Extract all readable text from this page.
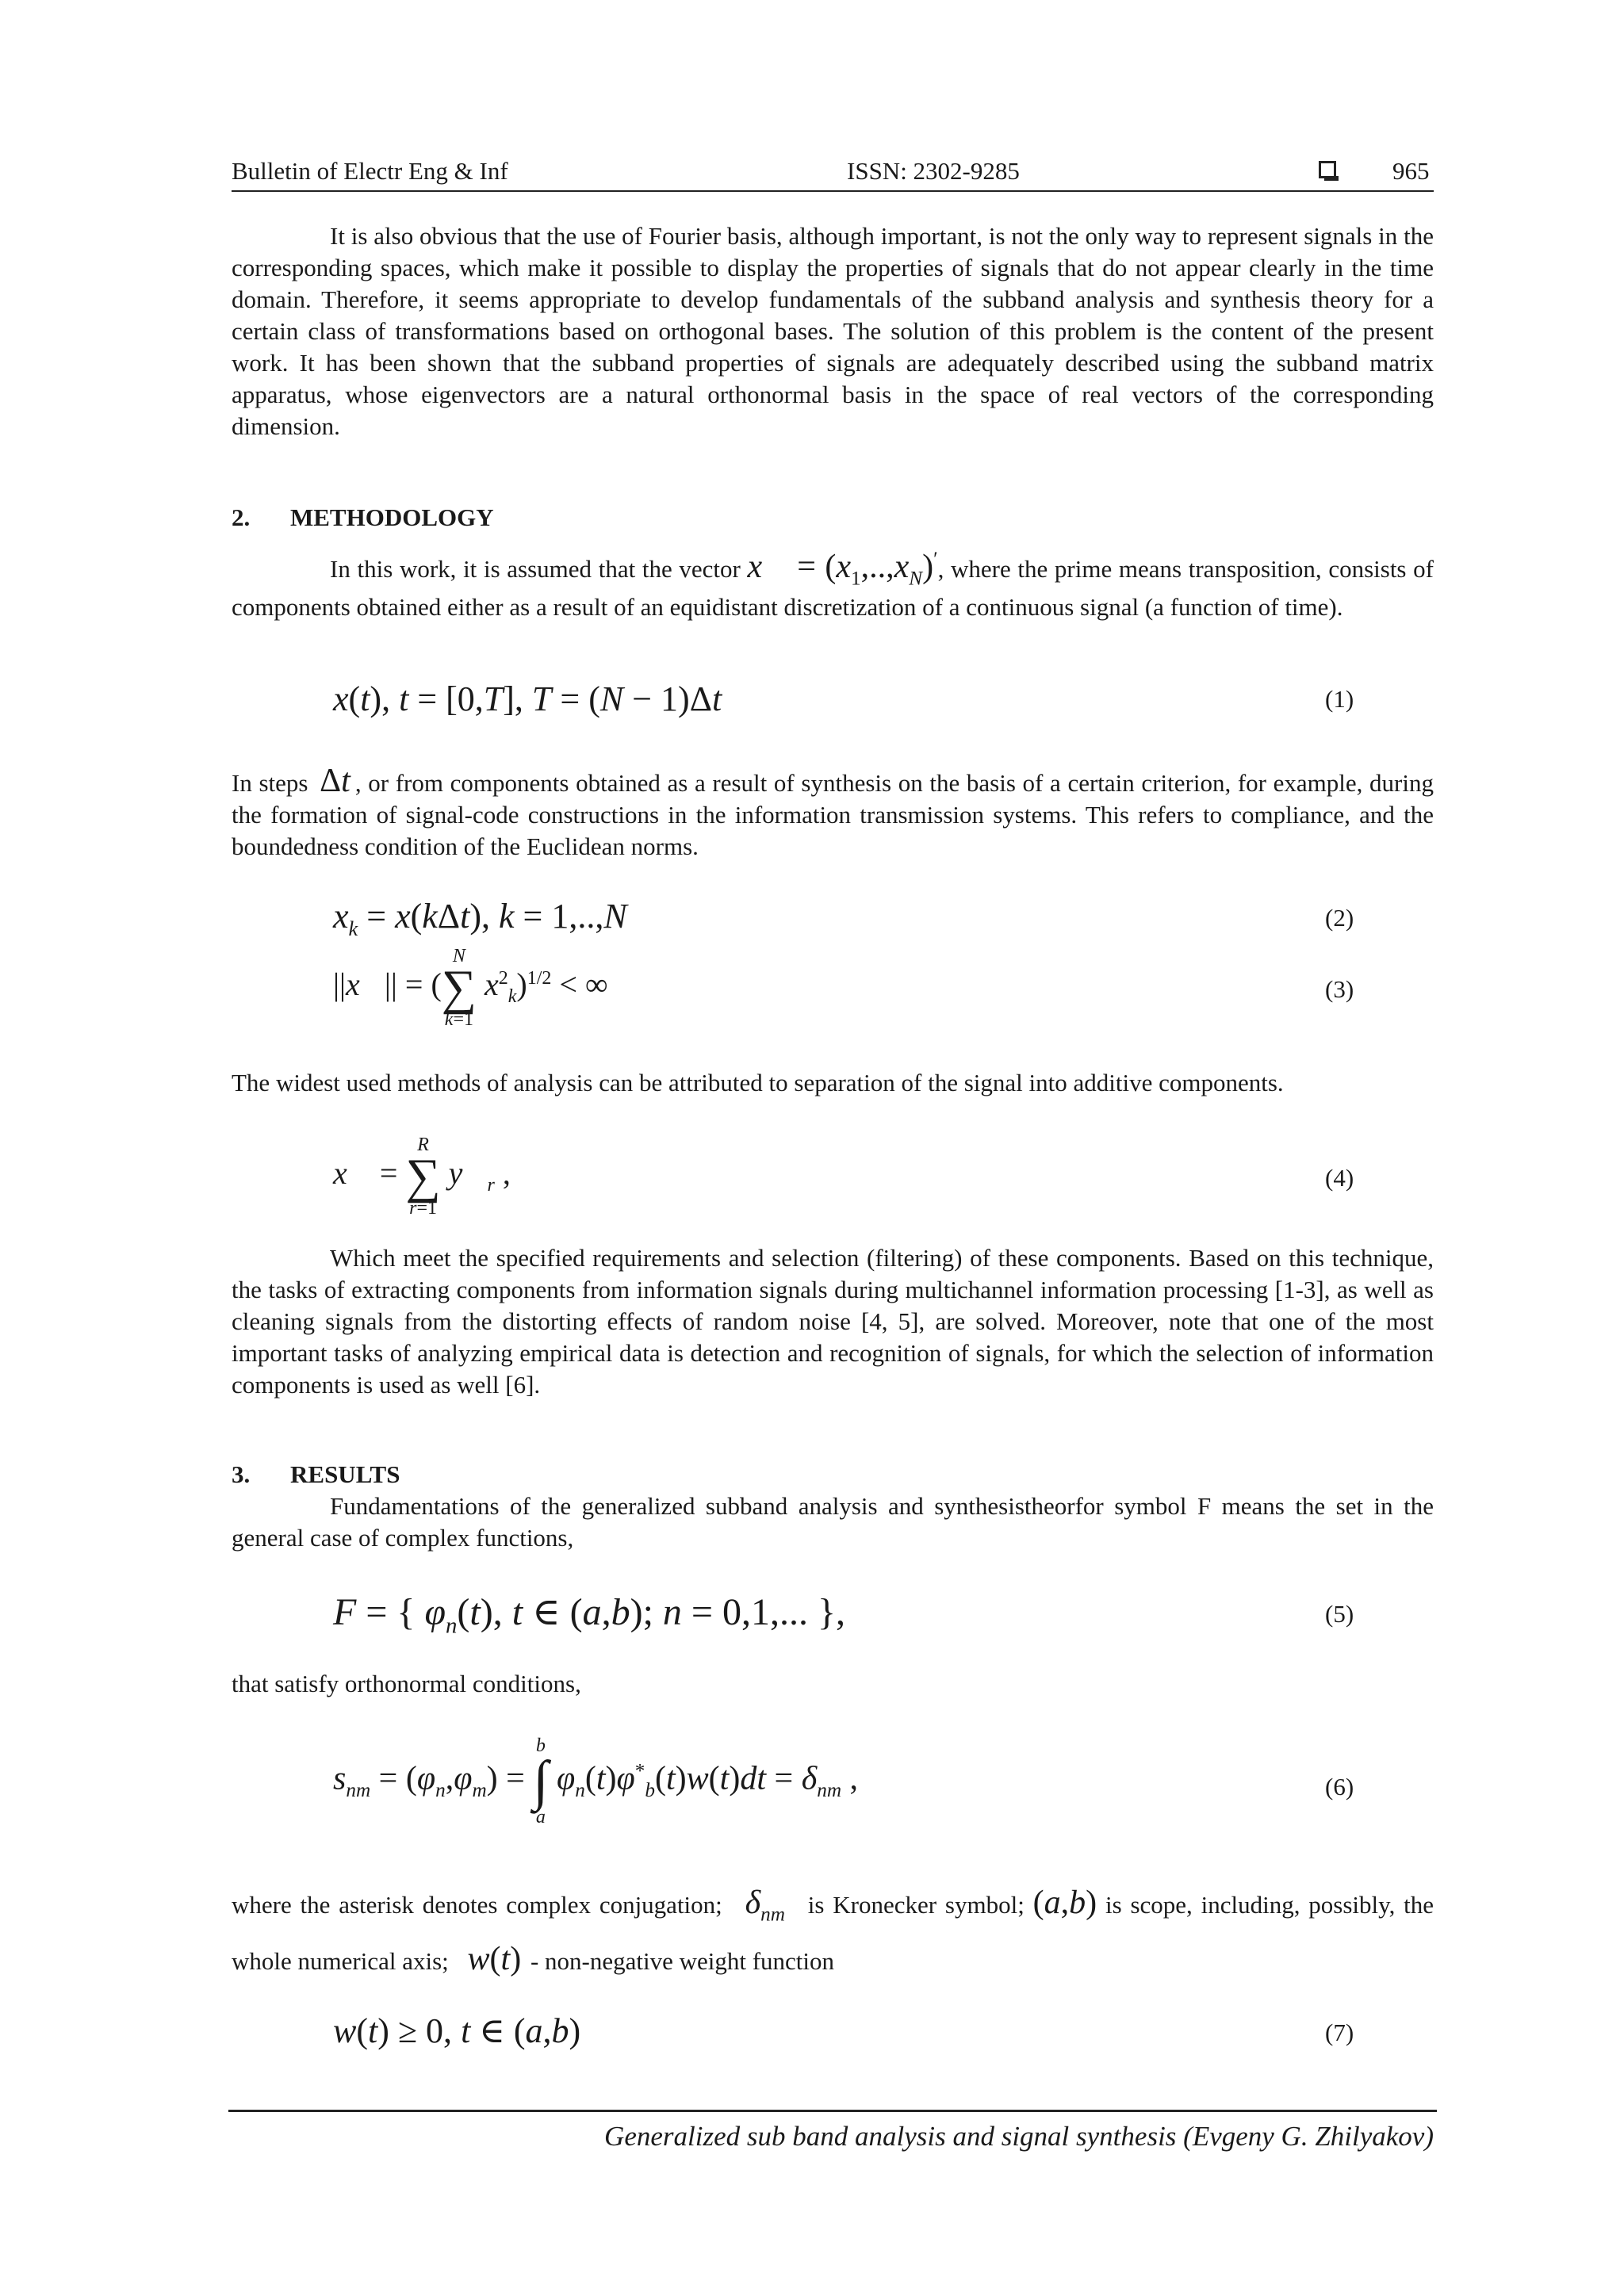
Bulletin of Electr Eng & Inf	ISSN: 2302-9285	965

It is also obvious that the use of Fourier basis, although important, is not the only way to represent signals in the corresponding spaces, which make it possible to display the properties of signals that do not appear clearly in the time domain. Therefore, it seems appropriate to develop fundamentals of the subband analysis and synthesis theory for a certain class of transformations based on orthogonal bases. The solution of this problem is the content of the present work. It has been shown that the subband properties of signals are adequately described using the subband matrix apparatus, whose eigenvectors are a natural orthonormal basis in the space of real vectors of the corresponding dimension.

2. METHODOLOGY

In this work, it is assumed that the vector x⃗ = $(x_1,..,x_N)'$, where the prime means transposition, consists of components obtained either as a result of an equidistant discretization of a continuous signal (a function of time).

x(t), t = [0,T], T = (N − 1)Δt	(1)

In steps Δt , or from components obtained as a result of synthesis on the basis of a certain criterion, for example, during the formation of signal-code constructions in the information transmission systems. This refers to compliance, and the boundedness condition of the Euclidean norms.

$x_k = x(k\Delta t)$, k = 1,..,N	(2)
||x⃗|| = (
N
∑
k=1
$x^2_k)^{1/2}$ < ∞	(3)

The widest used methods of analysis can be attributed to separation of the signal into additive components.

x⃗ =
R
∑
r=1
$y⃗_r$ ,	(4)

Which meet the specified requirements and selection (filtering) of these components. Based on this technique, the tasks of extracting components from information signals during multichannel information processing [1-3], as well as cleaning signals from the distorting effects of random noise [4, 5], are solved. Moreover, note that one of the most important tasks of analyzing empirical data is detection and recognition of signals, for which the selection of information components is used as well [6].

3. RESULTS

Fundamentations of the generalized subband analysis and synthesistheorfor symbol F means the set in the general case of complex functions,

F = { $\varphi_n(t)$, t ∈ (a,b); n = 0,1,... },	(5)

that satisfy orthonormal conditions,

$s_{nm} = (\varphi_n,\varphi_m)$ =
b
∫
a
$\varphi_n(t)\varphi^*_b(t)w(t)dt = \delta_{nm}$ ,	(6)

where the asterisk denotes complex conjugation; $\delta_{nm}$ is Kronecker symbol; (a,b) is scope, including, possibly, the whole numerical axis; w(t) - non-negative weight function

w(t) ≥ 0, t ∈ (a,b)	(7)
Generalized sub band analysis and signal synthesis (Evgeny G. Zhilyakov)
